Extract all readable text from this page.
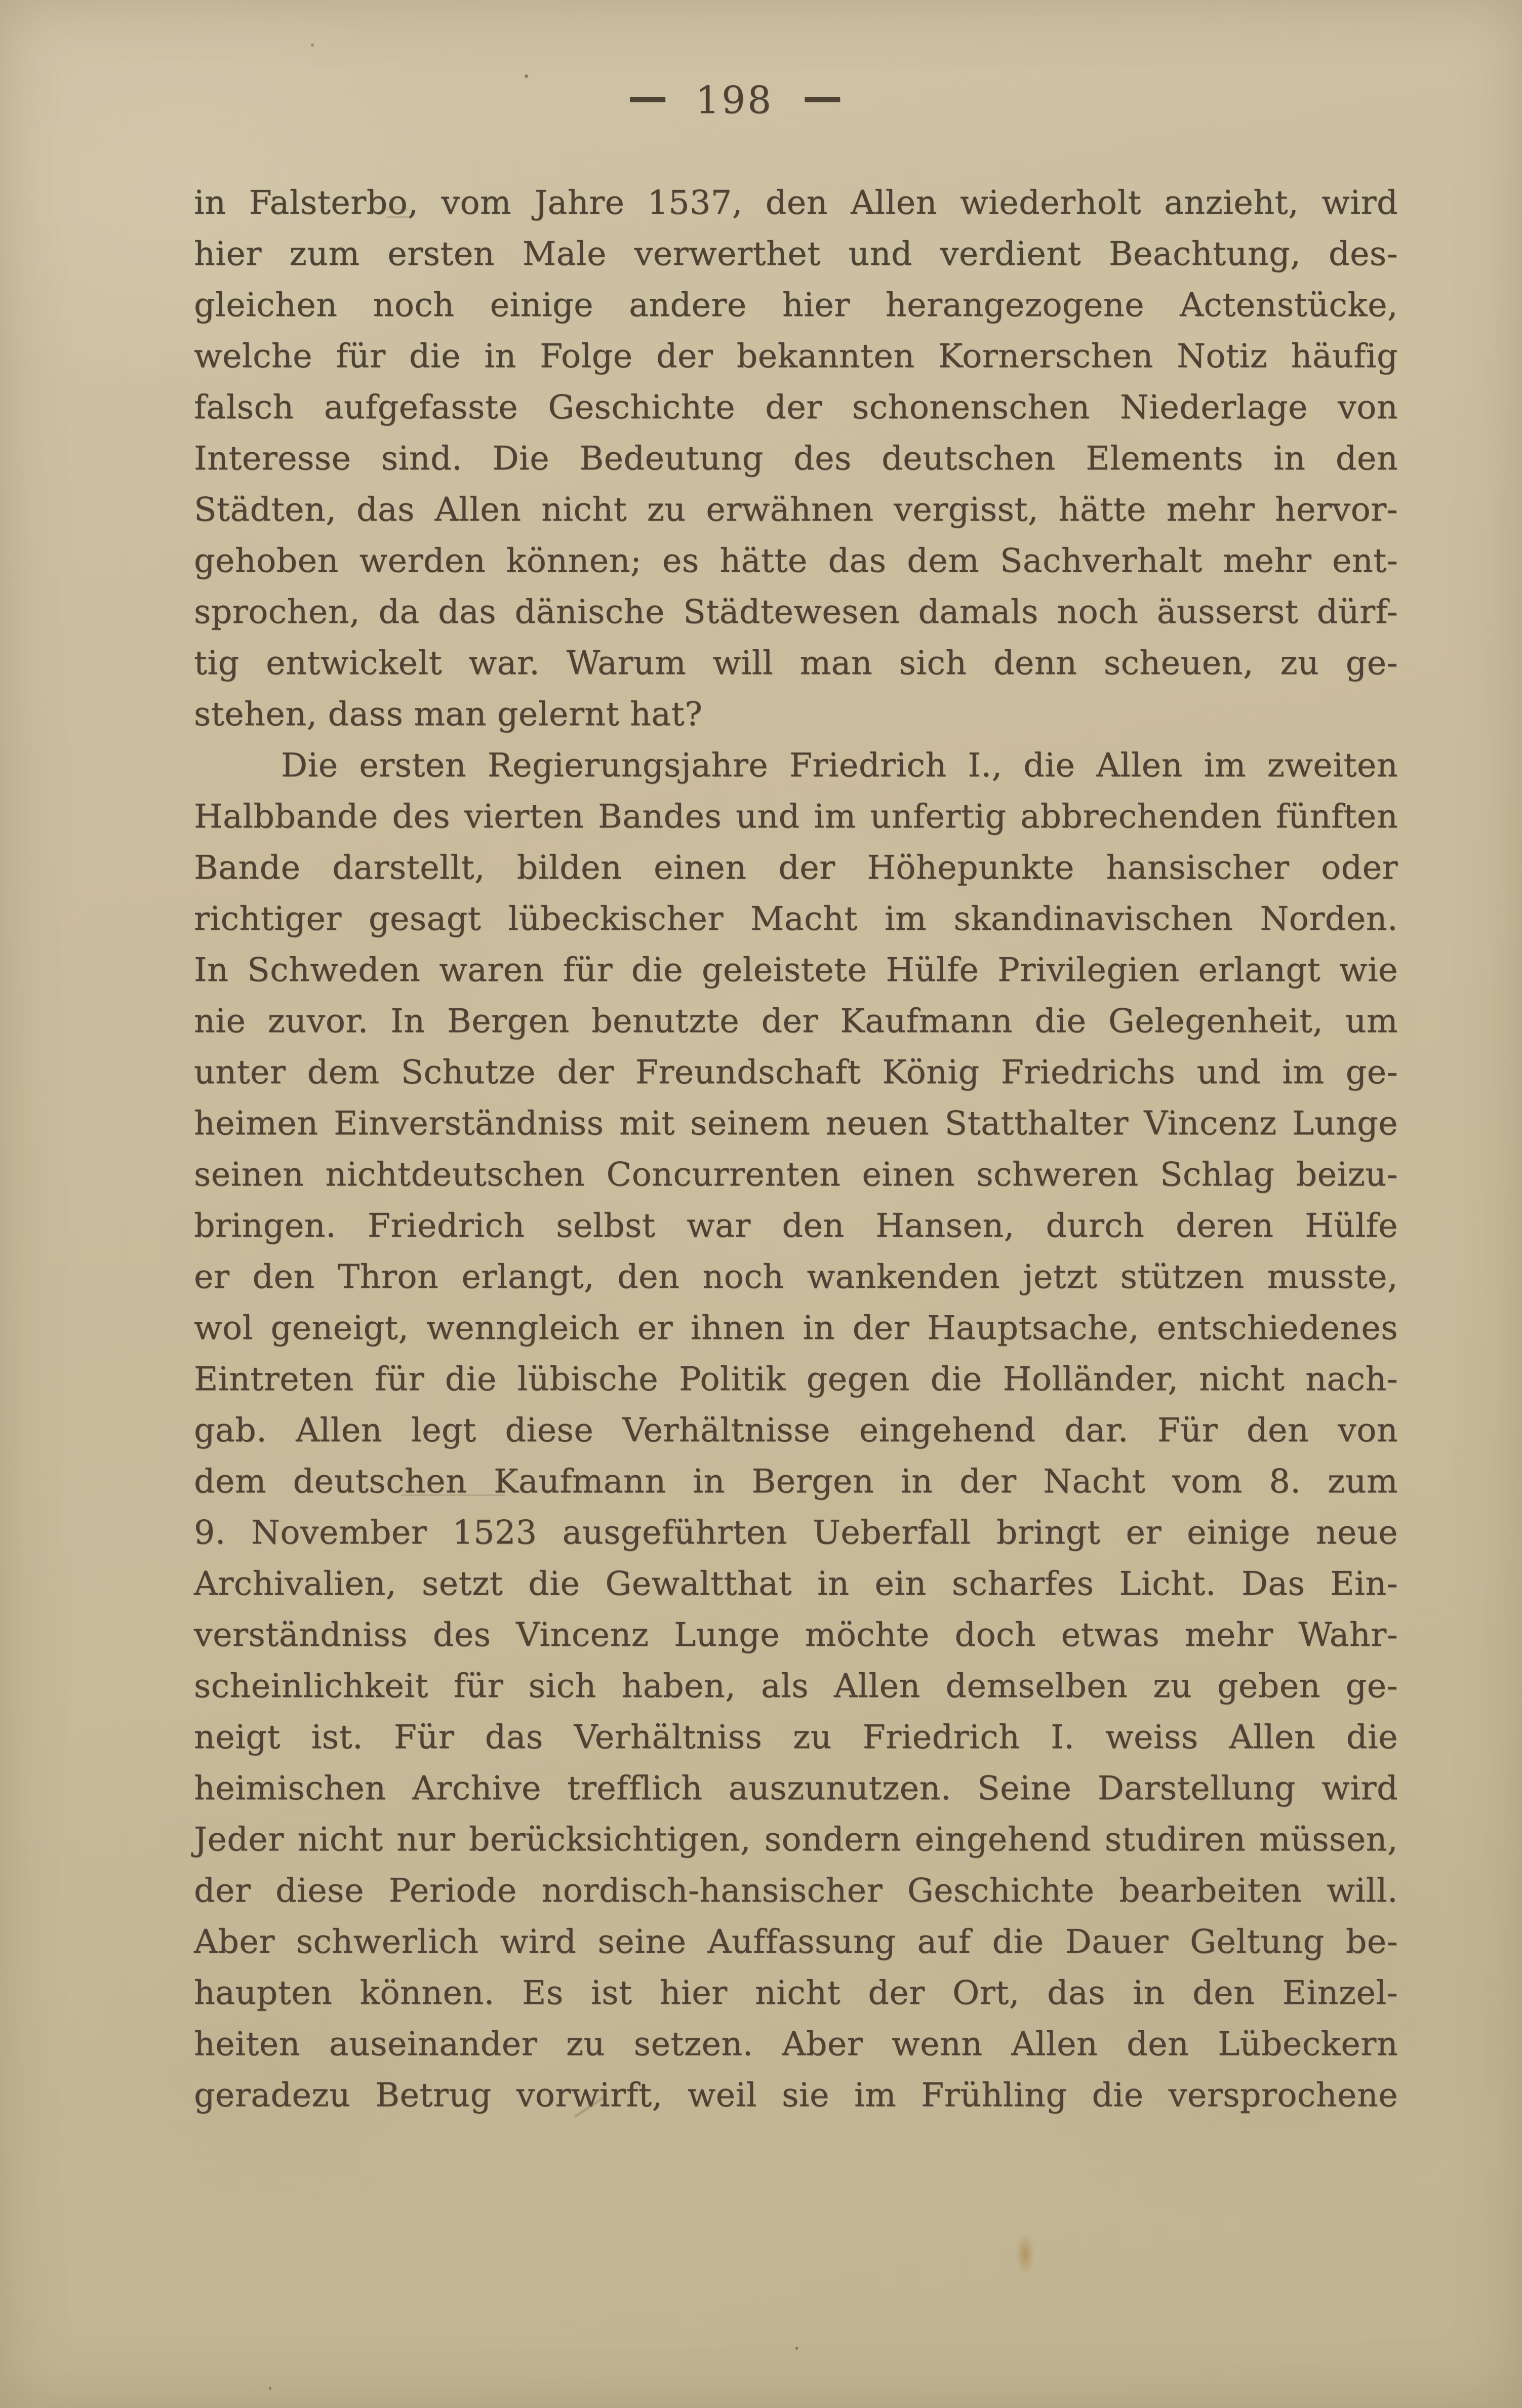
— 198 —
in Falsterbo, vom Jahre 1537, den Allen wiederholt anzieht, wird
hier zum ersten Male verwerthet und verdient Beachtung, des-
gleichen noch einige andere hier herangezogene Actenstücke,
welche für die in Folge der bekannten Kornerschen Notiz häufig
falsch aufgefasste Geschichte der schonenschen Niederlage von
Interesse sind. Die Bedeutung des deutschen Elements in den
Städten, das Allen nicht zu erwähnen vergisst, hätte mehr hervor-
gehoben werden können; es hätte das dem Sachverhalt mehr ent-
sprochen, da das dänische Städtewesen damals noch äusserst dürf-
tig entwickelt war. Warum will man sich denn scheuen, zu ge-
stehen, dass man gelernt hat?
Die ersten Regierungsjahre Friedrich I., die Allen im zweiten
Halbbande des vierten Bandes und im unfertig abbrechenden fünften
Bande darstellt, bilden einen der Höhepunkte hansischer oder
richtiger gesagt lübeckischer Macht im skandinavischen Norden.
In Schweden waren für die geleistete Hülfe Privilegien erlangt wie
nie zuvor. In Bergen benutzte der Kaufmann die Gelegenheit, um
unter dem Schutze der Freundschaft König Friedrichs und im ge-
heimen Einverständniss mit seinem neuen Statthalter Vincenz Lunge
seinen nichtdeutschen Concurrenten einen schweren Schlag beizu-
bringen. Friedrich selbst war den Hansen, durch deren Hülfe
er den Thron erlangt, den noch wankenden jetzt stützen musste,
wol geneigt, wenngleich er ihnen in der Hauptsache, entschiedenes
Eintreten für die lübische Politik gegen die Holländer, nicht nach-
gab. Allen legt diese Verhältnisse eingehend dar. Für den von
dem deutschen Kaufmann in Bergen in der Nacht vom 8. zum
9. November 1523 ausgeführten Ueberfall bringt er einige neue
Archivalien, setzt die Gewaltthat in ein scharfes Licht. Das Ein-
verständniss des Vincenz Lunge möchte doch etwas mehr Wahr-
scheinlichkeit für sich haben, als Allen demselben zu geben ge-
neigt ist. Für das Verhältniss zu Friedrich I. weiss Allen die
heimischen Archive trefflich auszunutzen. Seine Darstellung wird
Jeder nicht nur berücksichtigen, sondern eingehend studiren müssen,
der diese Periode nordisch-hansischer Geschichte bearbeiten will.
Aber schwerlich wird seine Auffassung auf die Dauer Geltung be-
haupten können. Es ist hier nicht der Ort, das in den Einzel-
heiten auseinander zu setzen. Aber wenn Allen den Lübeckern
geradezu Betrug vorwirft, weil sie im Frühling die versprochene
